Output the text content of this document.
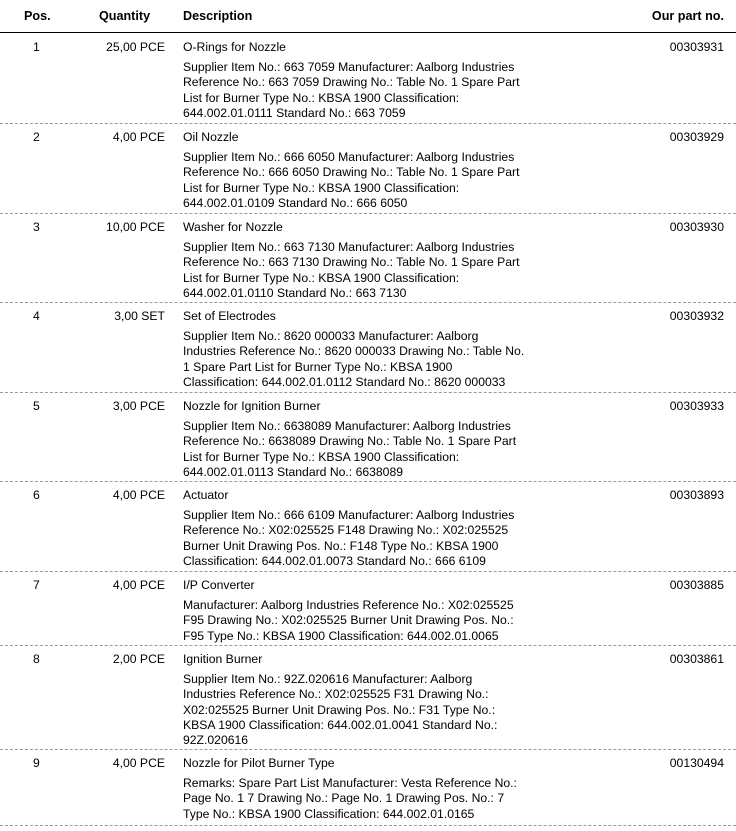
Pos.	Quantity	Description	Our part no.
1	25,00 PCE O-Rings for Nozzle	00303931
Supplier Item No.: 663 7059 Manufacturer: Aalborg Industries
Reference No.: 663 7059 Drawing No.: Table No. 1 Spare Part
List for Burner Type No.: KBSA 1900 Classification:
644.002.01.0111 Standard No.: 663 7059
2	4,00 PCE Oil Nozzle	00303929
Supplier Item No.: 666 6050 Manufacturer: Aalborg Industries
Reference No.: 666 6050 Drawing No.: Table No. 1 Spare Part
List for Burner Type No.: KBSA 1900 Classification:
644.002.01.0109 Standard No.: 666 6050
3	10,00 PCE Washer for Nozzle	00303930
Supplier Item No.: 663 7130 Manufacturer: Aalborg Industries
Reference No.: 663 7130 Drawing No.: Table No. 1 Spare Part
List for Burner Type No.: KBSA 1900 Classification:
644.002.01.0110 Standard No.: 663 7130
4	3,00 SET Set of Electrodes	00303932
Supplier Item No.: 8620 000033 Manufacturer: Aalborg
Industries Reference No.: 8620 000033 Drawing No.: Table No.
1 Spare Part List for Burner Type No.: KBSA 1900
Classification: 644.002.01.0112 Standard No.: 8620 000033
5	3,00 PCE Nozzle for Ignition Burner	00303933
Supplier Item No.: 6638089 Manufacturer: Aalborg Industries
Reference No.: 6638089 Drawing No.: Table No. 1 Spare Part
List for Burner Type No.: KBSA 1900 Classification:
644.002.01.0113 Standard No.: 6638089
6	4,00 PCE Actuator	00303893
Supplier Item No.: 666 6109 Manufacturer: Aalborg Industries
Reference No.: X02:025525 F148 Drawing No.: X02:025525
Burner Unit Drawing Pos. No.: F148 Type No.: KBSA 1900
Classification: 644.002.01.0073 Standard No.: 666 6109
7	4,00 PCE I/P Converter	00303885
Manufacturer: Aalborg Industries Reference No.: X02:025525
F95 Drawing No.: X02:025525 Burner Unit Drawing Pos. No.:
F95 Type No.: KBSA 1900 Classification: 644.002.01.0065
8	2,00 PCE Ignition Burner	00303861
Supplier Item No.: 92Z.020616 Manufacturer: Aalborg
Industries Reference No.: X02:025525 F31 Drawing No.:
X02:025525 Burner Unit Drawing Pos. No.: F31 Type No.:
KBSA 1900 Classification: 644.002.01.0041 Standard No.:
92Z.020616
9	4,00 PCE Nozzle for Pilot Burner Type	00130494
Remarks: Spare Part List Manufacturer: Vesta Reference No.:
Page No. 1 7 Drawing No.: Page No. 1 Drawing Pos. No.: 7
Type No.: KBSA 1900 Classification: 644.002.01.0165
